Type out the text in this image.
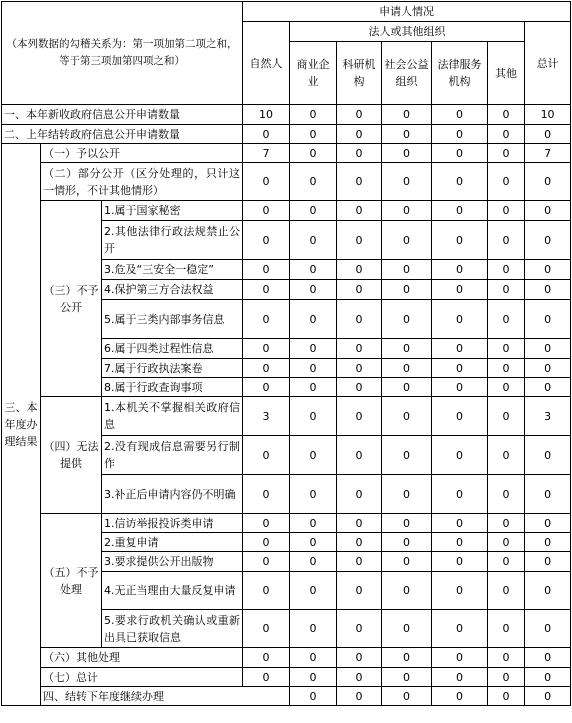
（本列数据的勾稽关系为：第一项加第二项之和，等于第三项加第四项之和）			申请人情况							
			自然人	法人或其他组织					总计	
				商业企业	科研机构	社会公益组织	法律服务机构	其他		
一、本年新收政府信息公开申请数量			10	0	0	0	0	0	10	
二、上年结转政府信息公开申请数量			0	0	0	0	0	0	0	
三、本年度办理结果	（一）予以公开		7	0	0	0	0	0	7	
	（二）部分公开（区分处理的，只计这一情形，不计其他情形）		0	0	0	0	0	0	0	
	（三）不予公开	1.属于国家秘密	0	0	0	0	0	0	0	
		2.其他法律行政法规禁止公开	0	0	0	0	0	0	0	
		3.危及“三安全一稳定”	0	0	0	0	0	0	0	
		4.保护第三方合法权益	0	0	0	0	0	0	0	
		5.属于三类内部事务信息	0	0	0	0	0	0	0	
		6.属于四类过程性信息	0	0	0	0	0	0	0	
		7.属于行政执法案卷	0	0	0	0	0	0	0	
		8.属于行政查询事项	0	0	0	0	0	0	0	
	（四）无法提供	1.本机关不掌握相关政府信息	3	0	0	0	0	0	3	
		2.没有现成信息需要另行制作	0	0	0	0	0	0	0	
		3.补正后申请内容仍不明确	0	0	0	0	0	0	0	
	（五）不予处理	1.信访举报投诉类申请	0	0	0	0	0	0	0	
		2.重复申请	0	0	0	0	0	0	0	
		3.要求提供公开出版物	0	0	0	0	0	0	0	
		4.无正当理由大量反复申请	0	0	0	0	0	0	0	
		5.要求行政机关确认或重新出具已获取信息	0	0	0	0	0	0	0	
	（六）其他处理		0	0	0	0	0	0	0	
	（七）总计		0	0	0	0	0	0	0	
	四、结转下年度继续办理			0	0	0	0	0	0	
